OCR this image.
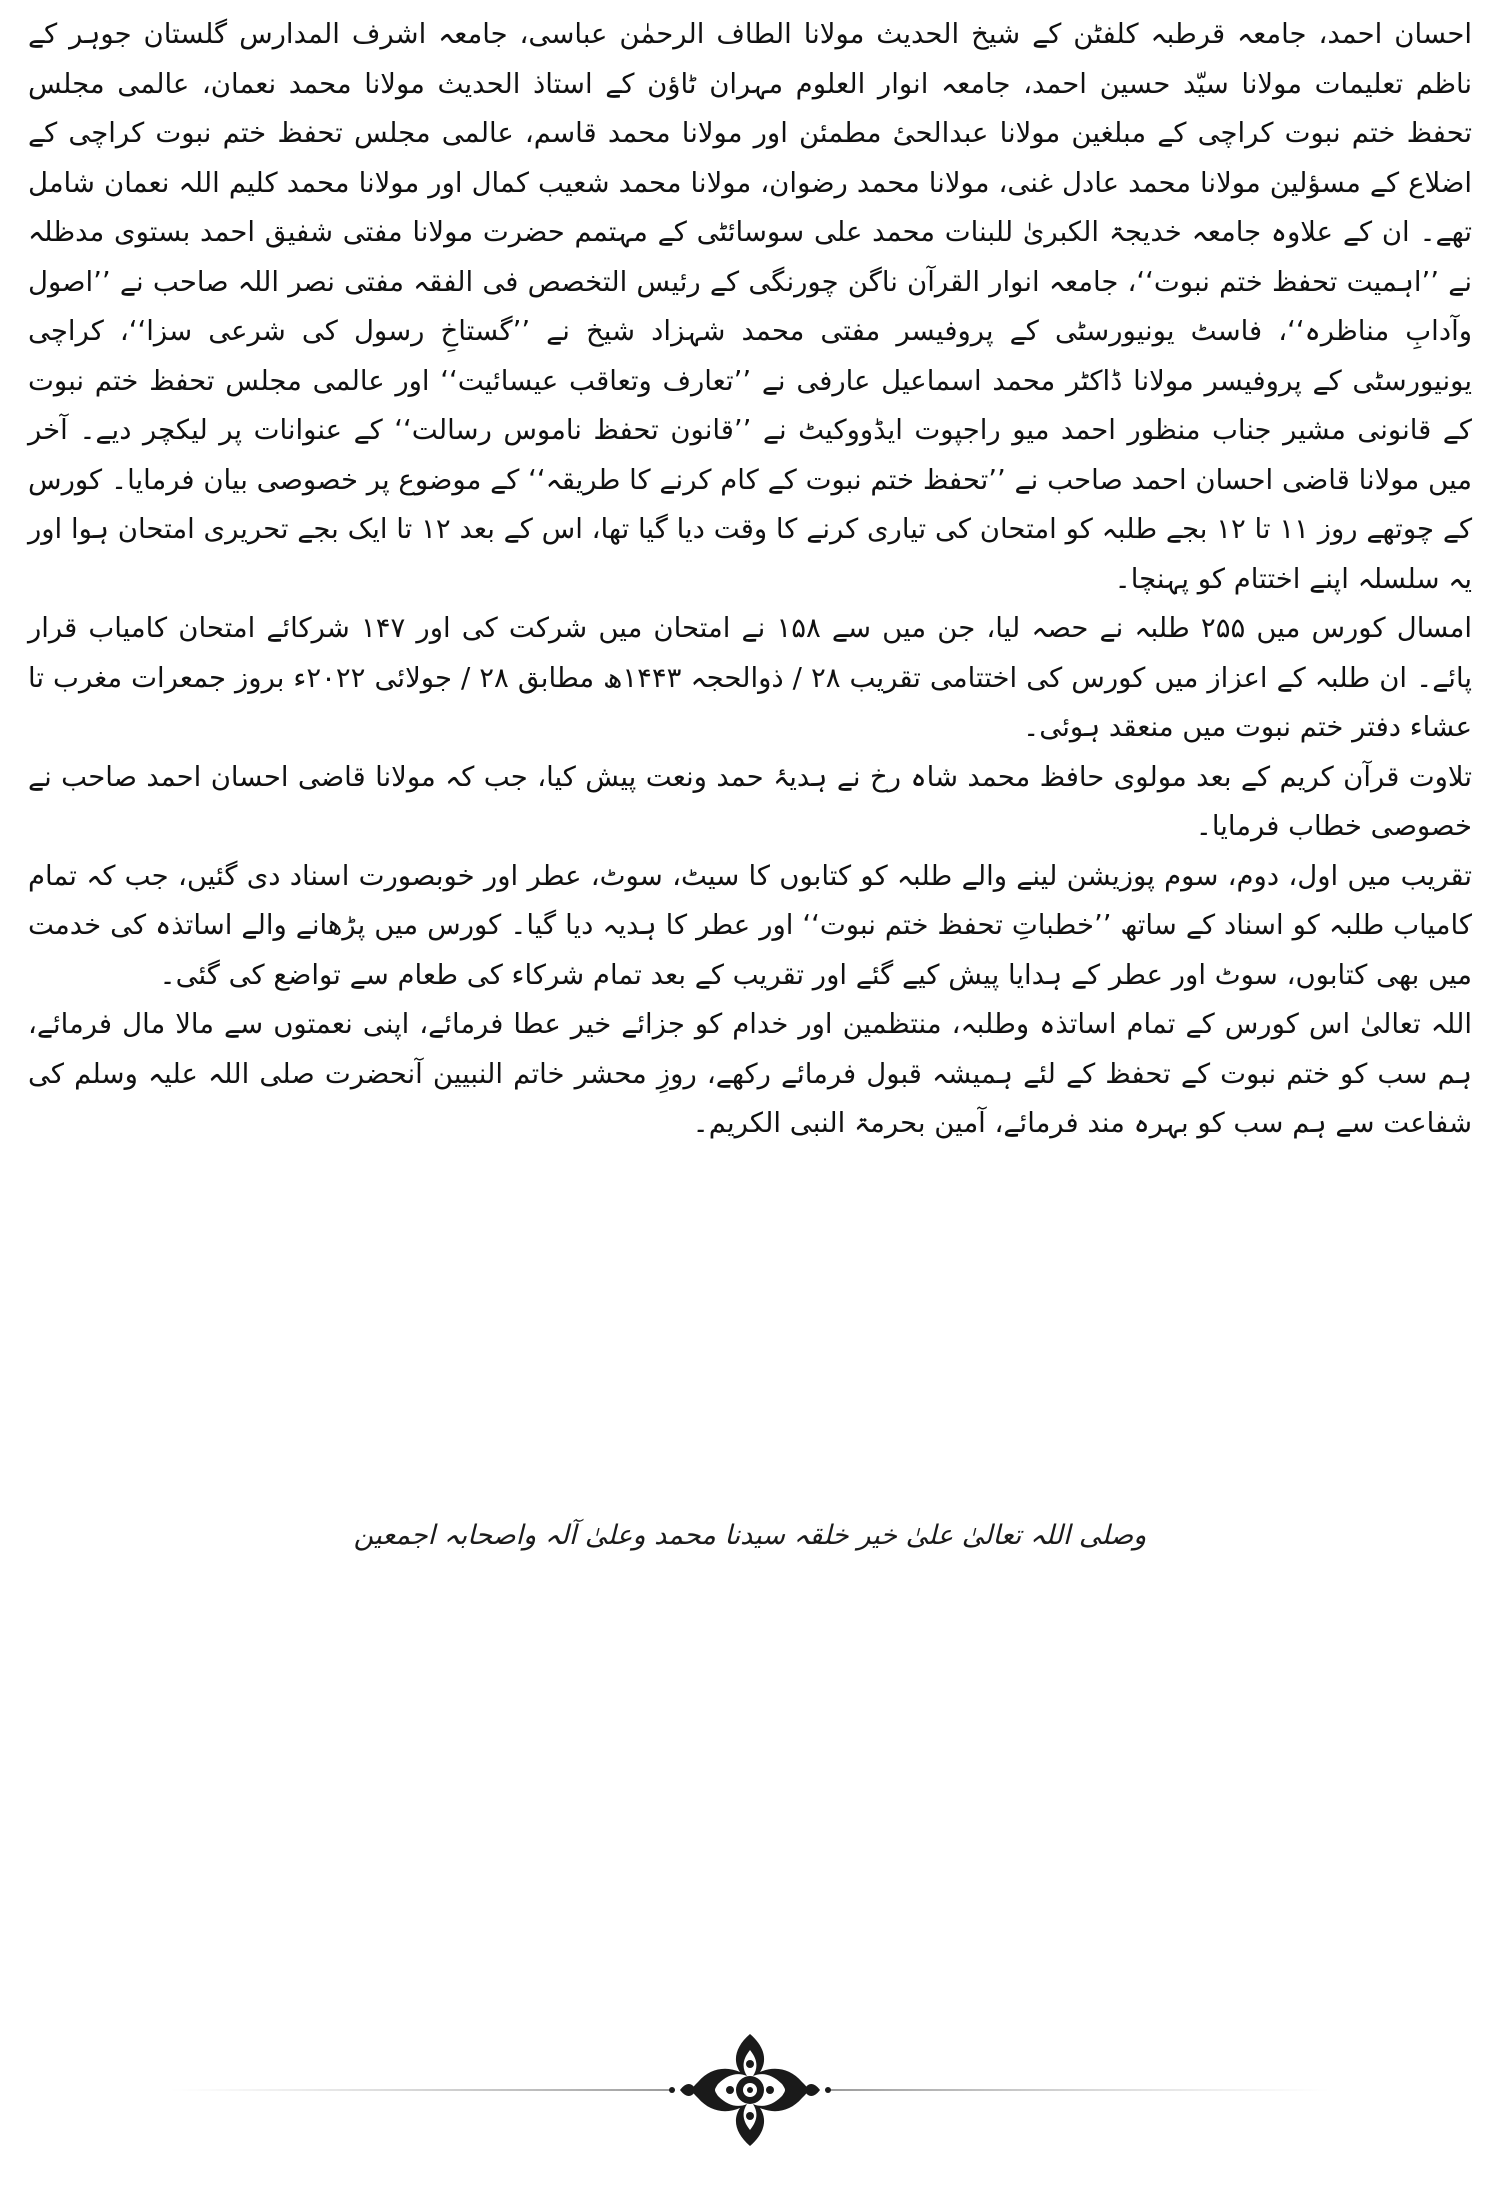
احسان احمد، جامعہ قرطبہ کلفٹن کے شیخ الحدیث مولانا الطاف الرحمٰن عباسی، جامعہ اشرف المدارس گلستان جوہر کے ناظم تعلیمات مولانا سیّد حسین احمد، جامعہ انوار العلوم مہران ٹاؤن کے استاذ الحدیث مولانا محمد نعمان، عالمی مجلس تحفظ ختم نبوت کراچی کے مبلغین مولانا عبدالحیٔ مطمئن اور مولانا محمد قاسم، عالمی مجلس تحفظ ختم نبوت کراچی کے اضلاع کے مسؤلین مولانا محمد عادل غنی، مولانا محمد رضوان، مولانا محمد شعیب کمال اور مولانا محمد کلیم اللہ نعمان شامل تھے۔ ان کے علاوہ جامعہ خدیجۃ الکبریٰ للبنات محمد علی سوسائٹی کے مہتمم حضرت مولانا مفتی شفیق احمد بستوی مدظلہ نے ’’اہمیت تحفظ ختم نبوت‘‘، جامعہ انوار القرآن ناگن چورنگی کے رئیس التخصص فی الفقہ مفتی نصر اللہ صاحب نے ’’اصول وآدابِ مناظرہ‘‘، فاسٹ یونیورسٹی کے پروفیسر مفتی محمد شہزاد شیخ نے ’’گستاخِ رسول کی شرعی سزا‘‘، کراچی یونیورسٹی کے پروفیسر مولانا ڈاکٹر محمد اسماعیل عارفی نے ’’تعارف وتعاقب عیسائیت‘‘ اور عالمی مجلس تحفظ ختم نبوت کے قانونی مشیر جناب منظور احمد میو راجپوت ایڈووکیٹ نے ’’قانون تحفظ ناموس رسالت‘‘ کے عنوانات پر لیکچر دیے۔ آخر میں مولانا قاضی احسان احمد صاحب نے ’’تحفظ ختم نبوت کے کام کرنے کا طریقہ‘‘ کے موضوع پر خصوصی بیان فرمایا۔ کورس کے چوتھے روز ۱۱ تا ۱۲ بجے طلبہ کو امتحان کی تیاری کرنے کا وقت دیا گیا تھا، اس کے بعد ۱۲ تا ایک بجے تحریری امتحان ہوا اور یہ سلسلہ اپنے اختتام کو پہنچا۔

امسال کورس میں ۲۵۵ طلبہ نے حصہ لیا، جن میں سے ۱۵۸ نے امتحان میں شرکت کی اور ۱۴۷ شرکائے امتحان کامیاب قرار پائے۔ ان طلبہ کے اعزاز میں کورس کی اختتامی تقریب ۲۸ / ذوالحجہ ۱۴۴۳ھ مطابق ۲۸ / جولائی ۲۰۲۲ء بروز جمعرات مغرب تا عشاء دفتر ختم نبوت میں منعقد ہوئی۔

تلاوت قرآن کریم کے بعد مولوی حافظ محمد شاہ رخ نے ہدیۂ حمد ونعت پیش کیا، جب کہ مولانا قاضی احسان احمد صاحب نے خصوصی خطاب فرمایا۔

تقریب میں اول، دوم، سوم پوزیشن لینے والے طلبہ کو کتابوں کا سیٹ، سوٹ، عطر اور خوبصورت اسناد دی گئیں، جب کہ تمام کامیاب طلبہ کو اسناد کے ساتھ ’’خطباتِ تحفظ ختم نبوت‘‘ اور عطر کا ہدیہ دیا گیا۔ کورس میں پڑھانے والے اساتذہ کی خدمت میں بھی کتابوں، سوٹ اور عطر کے ہدایا پیش کیے گئے اور تقریب کے بعد تمام شرکاء کی طعام سے تواضع کی گئی۔

اللہ تعالیٰ اس کورس کے تمام اساتذہ وطلبہ، منتظمین اور خدام کو جزائے خیر عطا فرمائے، اپنی نعمتوں سے مالا مال فرمائے، ہم سب کو ختم نبوت کے تحفظ کے لئے ہمیشہ قبول فرمائے رکھے، روزِ محشر خاتم النبیین آنحضرت صلی اللہ علیہ وسلم کی شفاعت سے ہم سب کو بہرہ مند فرمائے، آمین بحرمۃ النبی الکریم۔

وصلی اللہ تعالیٰ علیٰ خیر خلقہ سیدنا محمد وعلیٰ آلہ واصحابہ اجمعین
